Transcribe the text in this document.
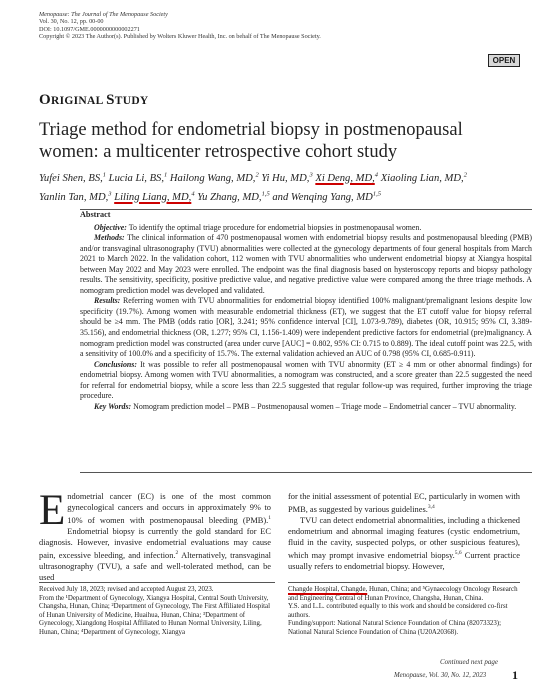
Menopause: The Journal of The Menopause Society
Vol. 30, No. 12, pp. 00-00
DOI: 10.1097/GME.0000000000002271
Copyright © 2023 The Author(s). Published by Wolters Kluwer Health, Inc. on behalf of The Menopause Society.
OPEN
ORIGINAL STUDY
Triage method for endometrial biopsy in postmenopausal women: a multicenter retrospective cohort study
Yufei Shen, BS,$^1$ Lucia Li, BS,$^1$ Hailong Wang, MD,$^2$ Yi Hu, MD,$^3$ Xi Deng, MD,$^4$ Xiaoling Lian, MD,$^2$
Yanlin Tan, MD,$^3$ Liling Liang, MD,$^4$ Yu Zhang, MD,$^{1,5}$ and Wenqing Yang, MD$^{1,5}$
Abstract

Objective: To identify the optimal triage procedure for endometrial biopsies in postmenopausal women.

Methods: The clinical information of 470 postmenopausal women with endometrial biopsy results and postmenopausal bleeding (PMB) and/or transvaginal ultrasonography (TVU) abnormalities were collected at the gynecology departments of four general hospitals from March 2021 to March 2022. In the validation cohort, 112 women with TVU abnormalities who underwent endometrial biopsy at Xiangya hospital between May 2022 and May 2023 were enrolled. The endpoint was the final diagnosis based on hysteroscopy reports and biopsy pathology results. The sensitivity, specificity, positive predictive value, and negative predictive value were compared among the three triage methods. A nomogram prediction model was developed and validated.

Results: Referring women with TVU abnormalities for endometrial biopsy identified 100% malignant/premalignant lesions despite low specificity (19.7%). Among women with measurable endometrial thickness (ET), we suggest that the ET cutoff value for biopsy referral should be ≥4 mm. The PMB (odds ratio [OR], 3.241; 95% confidence interval [CI], 1.073-9.789), diabetes (OR, 10.915; 95% CI, 3.389-35.156), and endometrial thickness (OR, 1.277; 95% CI, 1.156-1.409) were independent predictive factors for endometrial (pre)malignancy. A nomogram prediction model was constructed (area under curve [AUC] = 0.802, 95% CI: 0.715 to 0.889). The ideal cutoff point was 22.5, with a sensitivity of 100.0% and a specificity of 15.7%. The external validation achieved an AUC of 0.798 (95% CI, 0.685-0.911).

Conclusions: It was possible to refer all postmenopausal women with TVU abnormity (ET ≥ 4 mm or other abnormal findings) for endometrial biopsy. Among women with TVU abnormalities, a nomogram was constructed, and a score greater than 22.5 suggested the need for referral for endometrial biopsy, while a score less than 22.5 suggested that regular follow-up was required, further improving the triage procedure.

Key Words: Nomogram prediction model – PMB – Postmenopausal women – Triage mode – Endometrial cancer – TVU abnormality.

Endometrial cancer (EC) is one of the most common gynecological cancers and occurs in approximately 9% to 10% of women with postmenopausal bleeding (PMB).$^1$ Endometrial biopsy is currently the gold standard for EC diagnosis. However, invasive endometrial evaluations may cause pain, excessive bleeding, and infection.$^2$ Alternatively, transvaginal ultrasonography (TVU), a safe and well-tolerated method, can be used

for the initial assessment of potential EC, particularly in women with PMB, as suggested by various guidelines.$^{3,4}$

TVU can detect endometrial abnormalities, including a thickened endometrium and abnormal imaging features (cystic endometrium, fluid in the cavity, suspected polyps, or other suspicious features), which may prompt invasive endometrial biopsy.$^{5,6}$ Current practice usually refers to endometrial biopsy. However,

Received July 18, 2023; revised and accepted August 23, 2023.

From the ¹Department of Gynecology, Xiangya Hospital, Central South University, Changsha, Hunan, China; ²Department of Gynecology, The First Affiliated Hospital of Hunan University of Medicine, Huaihua, Hunan, China; ³Department of Gynecology, Xiangdong Hospital Affiliated to Hunan Normal University, Liling, Hunan, China; ⁴Department of Gynecology, Xiangya

Changde Hospital, Changde, Hunan, China; and ⁵Gynaecology Oncology Research and Engineering Central of Hunan Province, Changsha, Hunan, China.

Y.S. and L.L. contributed equally to this work and should be considered co-first authors.

Funding/support: National Natural Science Foundation of China (82073323); National Natural Science Foundation of China (U20A20368).

Continued next page
Menopause, Vol. 30, No. 12, 2023 1
